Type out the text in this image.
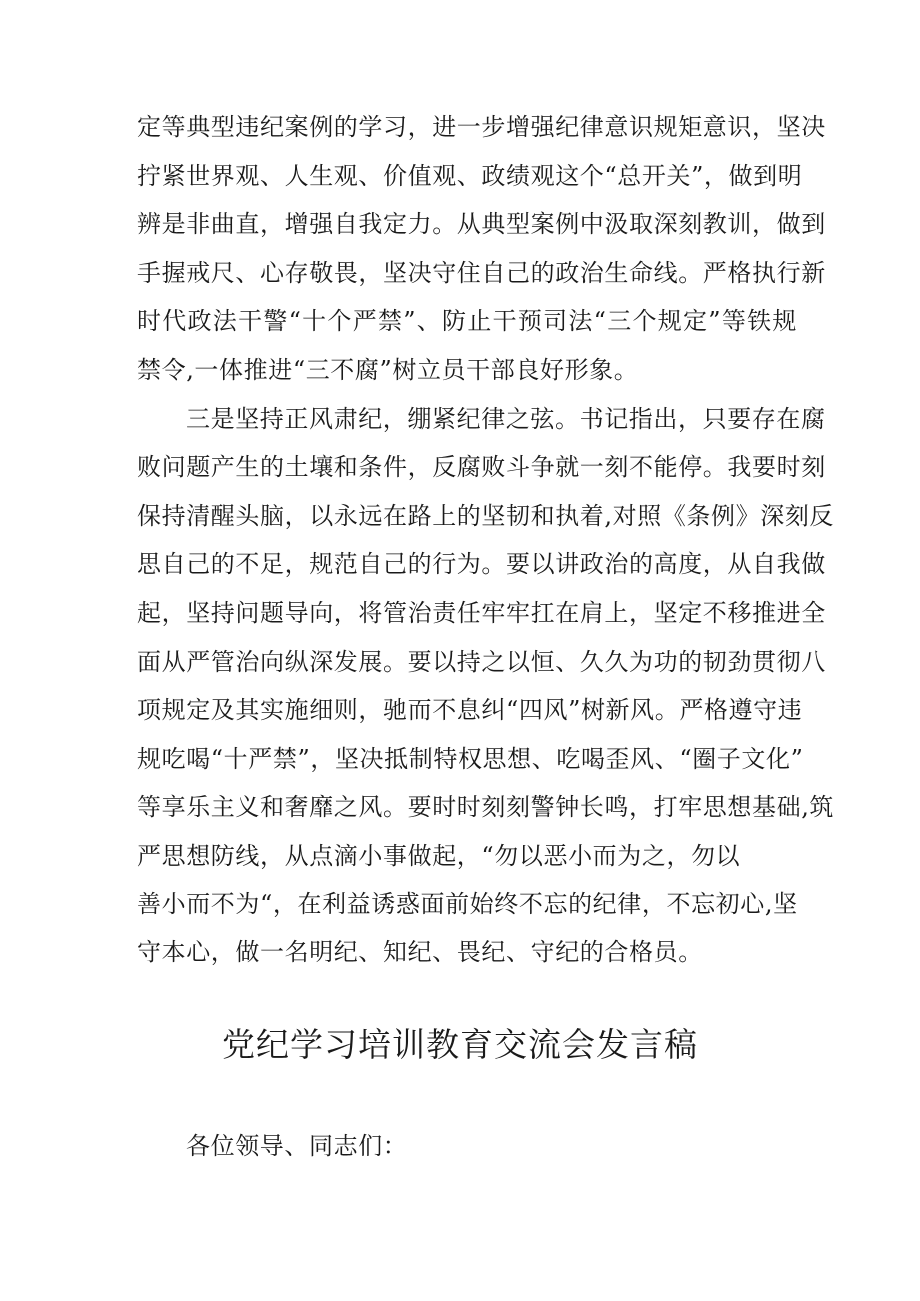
定等典型违纪案例的学习，进一步增强纪律意识规矩意识，坚决
拧紧世界观、人生观、价值观、政绩观这个“总开关”，做到明
辨是非曲直，增强自我定力。从典型案例中汲取深刻教训，做到
手握戒尺、心存敬畏，坚决守住自己的政治生命线。严格执行新
时代政法干警“十个严禁”、防止干预司法“三个规定”等铁规
禁令,一体推进“三不腐”树立员干部良好形象。
三是坚持正风肃纪，绷紧纪律之弦。书记指出，只要存在腐
败问题产生的土壤和条件，反腐败斗争就一刻不能停。我要时刻
保持清醒头脑，以永远在路上的坚韧和执着,对照《条例》深刻反
思自己的不足，规范自己的行为。要以讲政治的高度，从自我做
起，坚持问题导向，将管治责任牢牢扛在肩上，坚定不移推进全
面从严管治向纵深发展。要以持之以恒、久久为功的韧劲贯彻八
项规定及其实施细则，驰而不息纠“四风”树新风。严格遵守违
规吃喝“十严禁”，坚决抵制特权思想、吃喝歪风、“圈子文化”
等享乐主义和奢靡之风。要时时刻刻警钟长鸣，打牢思想基础,筑
严思想防线，从点滴小事做起，“勿以恶小而为之，勿以
善小而不为“，在利益诱惑面前始终不忘的纪律，不忘初心,坚
守本心，做一名明纪、知纪、畏纪、守纪的合格员。
党纪学习培训教育交流会发言稿
各位领导、同志们：
